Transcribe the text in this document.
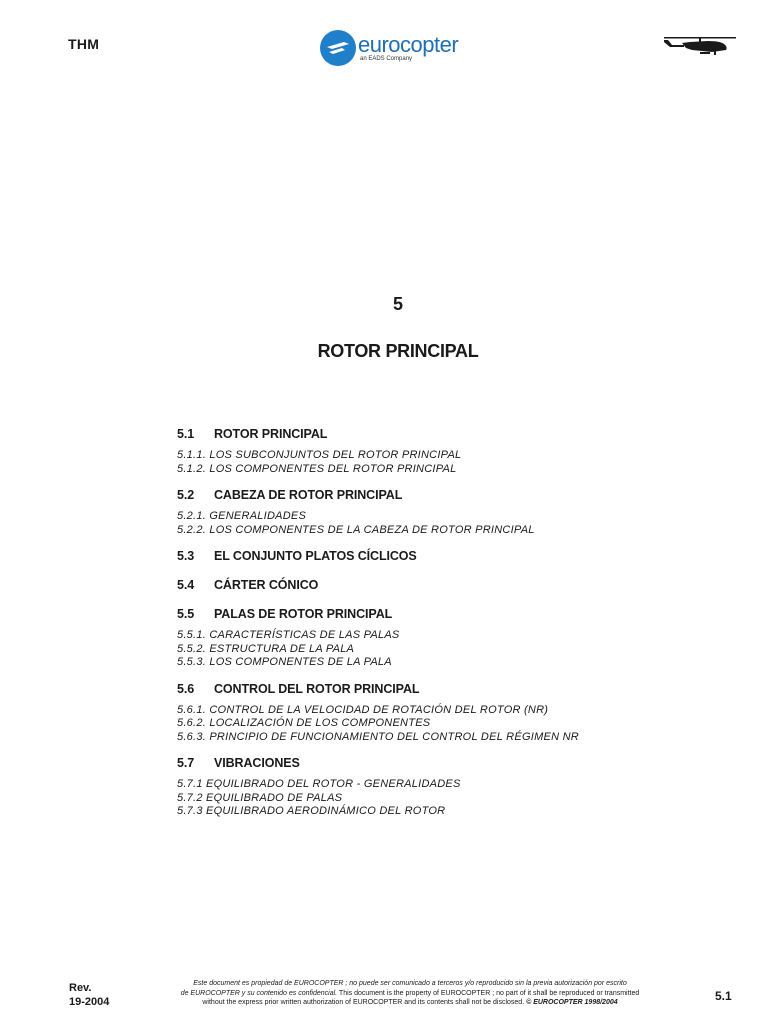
THM	eurocopter
an EADS Company
5
ROTOR PRINCIPAL
5.1 ROTOR PRINCIPAL
5.1.1. LOS SUBCONJUNTOS DEL ROTOR PRINCIPAL
5.1.2. LOS COMPONENTES DEL ROTOR PRINCIPAL
5.2 CABEZA DE ROTOR PRINCIPAL
5.2.1. GENERALIDADES
5.2.2. LOS COMPONENTES DE LA CABEZA DE ROTOR PRINCIPAL
5.3 EL CONJUNTO PLATOS CÍCLICOS
5.4 CÁRTER CÓNICO
5.5 PALAS DE ROTOR PRINCIPAL
5.5.1. CARACTERÍSTICAS DE LAS PALAS
5.5.2. ESTRUCTURA DE LA PALA
5.5.3. LOS COMPONENTES DE LA PALA
5.6 CONTROL DEL ROTOR PRINCIPAL
5.6.1. CONTROL DE LA VELOCIDAD DE ROTACIÓN DEL ROTOR (NR)
5.6.2. LOCALIZACIÓN DE LOS COMPONENTES
5.6.3. PRINCIPIO DE FUNCIONAMIENTO DEL CONTROL DEL RÉGIMEN NR
5.7 VIBRACIONES
5.7.1 EQUILIBRADO DEL ROTOR - GENERALIDADES
5.7.2 EQUILIBRADO DE PALAS
5.7.3 EQUILIBRADO AERODINÁMICO DEL ROTOR
Rev.
19-2004
Este document es propiedad de EUROCOPTER ; no puede ser comunicado a terceros y/o reproducido sin la previa autorización por escrito
de EUROCOPTER y su contenido es confidencial. This document is the property of EUROCOPTER ; no part of it shall be reproduced or transmitted
without the express prior written authorization of EUROCOPTER and its contents shall not be disclosed. © EUROCOPTER 1998/2004	5.1
